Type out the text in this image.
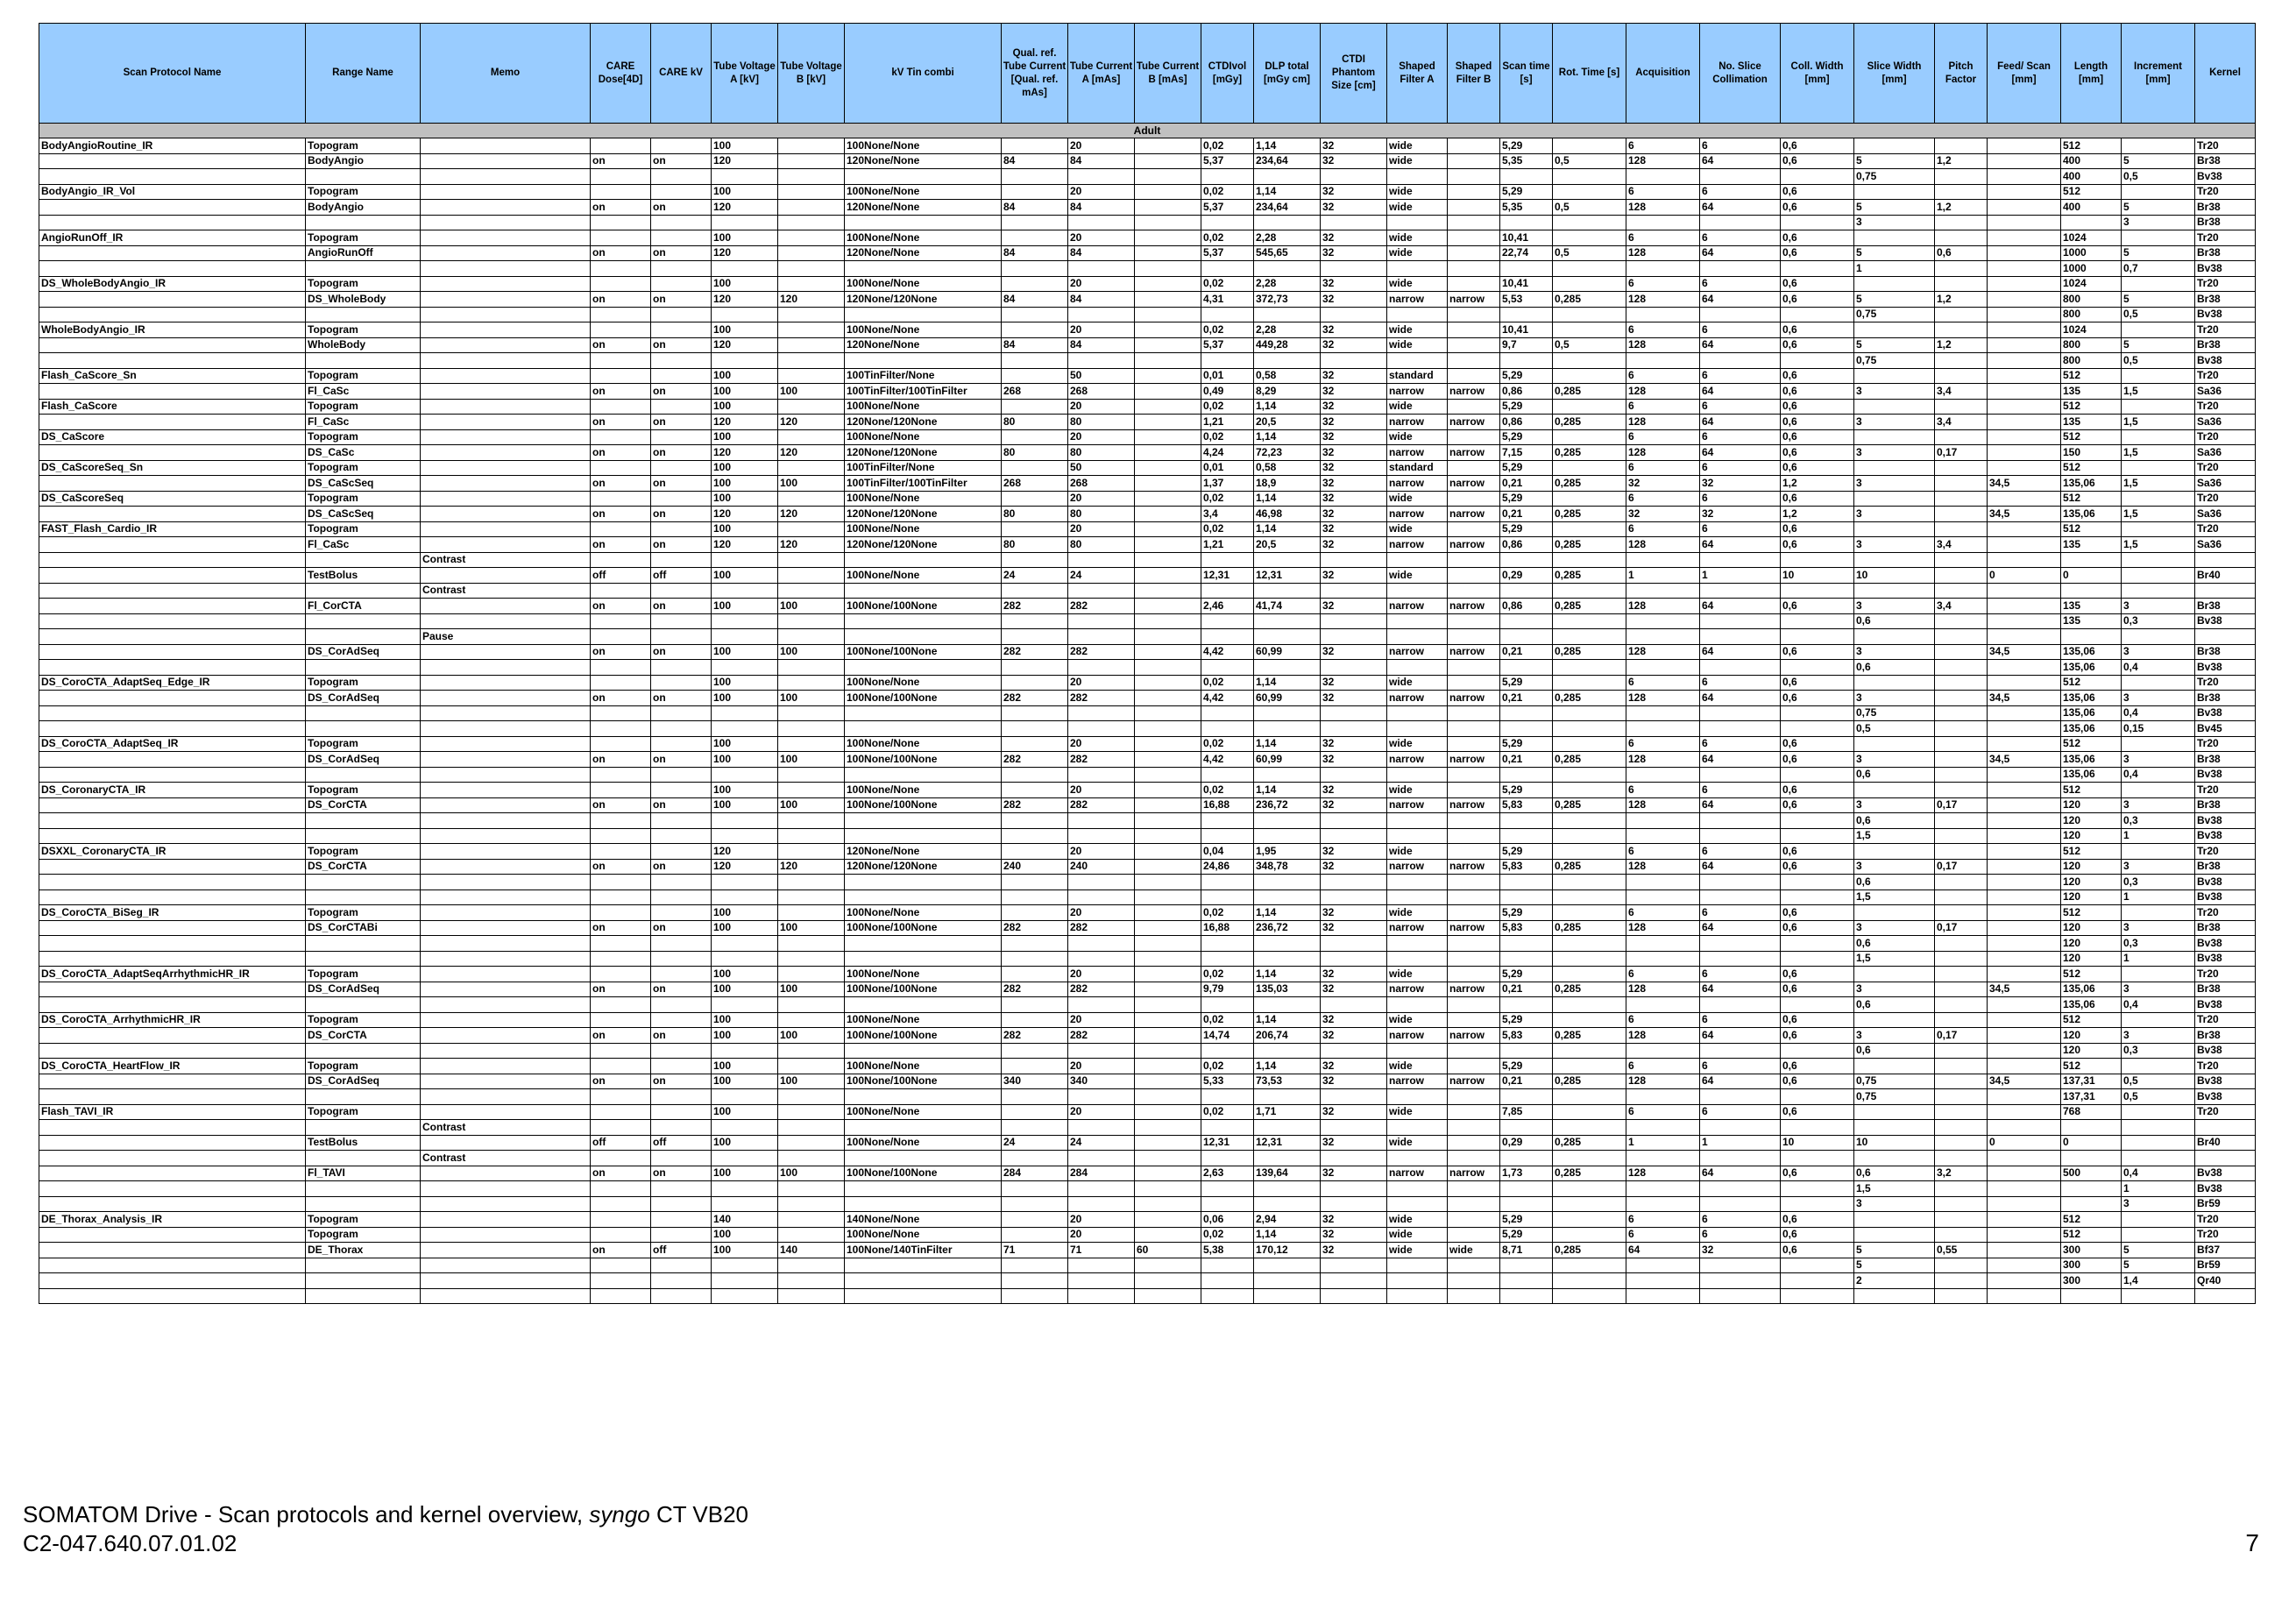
Scan Protocol Name	Range Name	Memo	CARE Dose[4D]	CARE kV	Tube Voltage A [kV]	Tube Voltage B [kV]	kV Tin combi	Qual. ref. Tube Current [Qual. ref. mAs]	Tube Current A [mAs]	Tube Current B [mAs]	CTDIvol [mGy]	DLP total [mGy cm]	CTDI Phantom Size [cm]	Shaped Filter A	Shaped Filter B	Scan time [s]	Rot. Time [s]	Acquisition	No. Slice Collimation	Coll. Width [mm]	Slice Width [mm]	Pitch Factor	Feed/ Scan [mm]	Length [mm]	Increment [mm]	Kernel
Adult																										
BodyAngioRoutine_IR	Topogram				100		100None/None		20		0,02	1,14	32	wide		5,29		6	6	0,6				512		Tr20
	BodyAngio		on	on	120		120None/None	84	84		5,37	234,64	32	wide		5,35	0,5	128	64	0,6	5	1,2		400	5	Br38
																					0,75			400	0,5	Bv38
BodyAngio_IR_Vol	Topogram				100		100None/None		20		0,02	1,14	32	wide		5,29		6	6	0,6				512		Tr20
	BodyAngio		on	on	120		120None/None	84	84		5,37	234,64	32	wide		5,35	0,5	128	64	0,6	5	1,2		400	5	Br38
																					3				3	Br38
AngioRunOff_IR	Topogram				100		100None/None		20		0,02	2,28	32	wide		10,41		6	6	0,6				1024		Tr20
	AngioRunOff		on	on	120		120None/None	84	84		5,37	545,65	32	wide		22,74	0,5	128	64	0,6	5	0,6		1000	5	Br38
																					1			1000	0,7	Bv38
DS_WholeBodyAngio_IR	Topogram				100		100None/None		20		0,02	2,28	32	wide		10,41		6	6	0,6				1024		Tr20
	DS_WholeBody		on	on	120	120	120None/120None	84	84		4,31	372,73	32	narrow	narrow	5,53	0,285	128	64	0,6	5	1,2		800	5	Br38
																					0,75			800	0,5	Bv38
WholeBodyAngio_IR	Topogram				100		100None/None		20		0,02	2,28	32	wide		10,41		6	6	0,6				1024		Tr20
	WholeBody		on	on	120		120None/None	84	84		5,37	449,28	32	wide		9,7	0,5	128	64	0,6	5	1,2		800	5	Br38
																					0,75			800	0,5	Bv38
Flash_CaScore_Sn	Topogram				100		100TinFilter/None		50		0,01	0,58	32	standard		5,29		6	6	0,6				512		Tr20
	Fl_CaSc		on	on	100	100	100TinFilter/100TinFilter	268	268		0,49	8,29	32	narrow	narrow	0,86	0,285	128	64	0,6	3	3,4		135	1,5	Sa36
Flash_CaScore	Topogram				100		100None/None		20		0,02	1,14	32	wide		5,29		6	6	0,6				512		Tr20
	Fl_CaSc		on	on	120	120	120None/120None	80	80		1,21	20,5	32	narrow	narrow	0,86	0,285	128	64	0,6	3	3,4		135	1,5	Sa36
DS_CaScore	Topogram				100		100None/None		20		0,02	1,14	32	wide		5,29		6	6	0,6				512		Tr20
	DS_CaSc		on	on	120	120	120None/120None	80	80		4,24	72,23	32	narrow	narrow	7,15	0,285	128	64	0,6	3	0,17		150	1,5	Sa36
DS_CaScoreSeq_Sn	Topogram				100		100TinFilter/None		50		0,01	0,58	32	standard		5,29		6	6	0,6				512		Tr20
	DS_CaScSeq		on	on	100	100	100TinFilter/100TinFilter	268	268		1,37	18,9	32	narrow	narrow	0,21	0,285	32	32	1,2	3		34,5	135,06	1,5	Sa36
DS_CaScoreSeq	Topogram				100		100None/None		20		0,02	1,14	32	wide		5,29		6	6	0,6				512		Tr20
	DS_CaScSeq		on	on	120	120	120None/120None	80	80		3,4	46,98	32	narrow	narrow	0,21	0,285	32	32	1,2	3		34,5	135,06	1,5	Sa36
FAST_Flash_Cardio_IR	Topogram				100		100None/None		20		0,02	1,14	32	wide		5,29		6	6	0,6				512		Tr20
	Fl_CaSc		on	on	120	120	120None/120None	80	80		1,21	20,5	32	narrow	narrow	0,86	0,285	128	64	0,6	3	3,4		135	1,5	Sa36
		Contrast																								
	TestBolus		off	off	100		100None/None	24	24		12,31	12,31	32	wide		0,29	0,285	1	1	10	10		0	0		Br40
		Contrast																								
	Fl_CorCTA		on	on	100	100	100None/100None	282	282		2,46	41,74	32	narrow	narrow	0,86	0,285	128	64	0,6	3	3,4		135	3	Br38
																					0,6			135	0,3	Bv38
		Pause																								
	DS_CorAdSeq		on	on	100	100	100None/100None	282	282		4,42	60,99	32	narrow	narrow	0,21	0,285	128	64	0,6	3		34,5	135,06	3	Br38
																					0,6			135,06	0,4	Bv38
DS_CoroCTA_AdaptSeq_Edge_IR	Topogram				100		100None/None		20		0,02	1,14	32	wide		5,29		6	6	0,6				512		Tr20
	DS_CorAdSeq		on	on	100	100	100None/100None	282	282		4,42	60,99	32	narrow	narrow	0,21	0,285	128	64	0,6	3		34,5	135,06	3	Br38
																					0,75			135,06	0,4	Bv38
																					0,5			135,06	0,15	Bv45
DS_CoroCTA_AdaptSeq_IR	Topogram				100		100None/None		20		0,02	1,14	32	wide		5,29		6	6	0,6				512		Tr20
	DS_CorAdSeq		on	on	100	100	100None/100None	282	282		4,42	60,99	32	narrow	narrow	0,21	0,285	128	64	0,6	3		34,5	135,06	3	Br38
																					0,6			135,06	0,4	Bv38
DS_CoronaryCTA_IR	Topogram				100		100None/None		20		0,02	1,14	32	wide		5,29		6	6	0,6				512		Tr20
	DS_CorCTA		on	on	100	100	100None/100None	282	282		16,88	236,72	32	narrow	narrow	5,83	0,285	128	64	0,6	3	0,17		120	3	Br38
																					0,6			120	0,3	Bv38
																					1,5			120	1	Bv38
DSXXL_CoronaryCTA_IR	Topogram				120		120None/None		20		0,04	1,95	32	wide		5,29		6	6	0,6				512		Tr20
	DS_CorCTA		on	on	120	120	120None/120None	240	240		24,86	348,78	32	narrow	narrow	5,83	0,285	128	64	0,6	3	0,17		120	3	Br38
																					0,6			120	0,3	Bv38
																					1,5			120	1	Bv38
DS_CoroCTA_BiSeg_IR	Topogram				100		100None/None		20		0,02	1,14	32	wide		5,29		6	6	0,6				512		Tr20
	DS_CorCTABi		on	on	100	100	100None/100None	282	282		16,88	236,72	32	narrow	narrow	5,83	0,285	128	64	0,6	3	0,17		120	3	Br38
																					0,6			120	0,3	Bv38
																					1,5			120	1	Bv38
DS_CoroCTA_AdaptSeqArrhythmicHR_IR	Topogram				100		100None/None		20		0,02	1,14	32	wide		5,29		6	6	0,6				512		Tr20
	DS_CorAdSeq		on	on	100	100	100None/100None	282	282		9,79	135,03	32	narrow	narrow	0,21	0,285	128	64	0,6	3		34,5	135,06	3	Br38
																					0,6			135,06	0,4	Bv38
DS_CoroCTA_ArrhythmicHR_IR	Topogram				100		100None/None		20		0,02	1,14	32	wide		5,29		6	6	0,6				512		Tr20
	DS_CorCTA		on	on	100	100	100None/100None	282	282		14,74	206,74	32	narrow	narrow	5,83	0,285	128	64	0,6	3	0,17		120	3	Br38
																					0,6			120	0,3	Bv38
DS_CoroCTA_HeartFlow_IR	Topogram				100		100None/None		20		0,02	1,14	32	wide		5,29		6	6	0,6				512		Tr20
	DS_CorAdSeq		on	on	100	100	100None/100None	340	340		5,33	73,53	32	narrow	narrow	0,21	0,285	128	64	0,6	0,75		34,5	137,31	0,5	Bv38
																					0,75			137,31	0,5	Bv38
Flash_TAVI_IR	Topogram				100		100None/None		20		0,02	1,71	32	wide		7,85		6	6	0,6				768		Tr20
		Contrast																								
	TestBolus		off	off	100		100None/None	24	24		12,31	12,31	32	wide		0,29	0,285	1	1	10	10		0	0		Br40
		Contrast																								
	Fl_TAVI		on	on	100	100	100None/100None	284	284		2,63	139,64	32	narrow	narrow	1,73	0,285	128	64	0,6	0,6	3,2		500	0,4	Bv38
																					1,5				1	Bv38
																					3				3	Br59
DE_Thorax_Analysis_IR	Topogram				140		140None/None		20		0,06	2,94	32	wide		5,29		6	6	0,6				512		Tr20
	Topogram				100		100None/None		20		0,02	1,14	32	wide		5,29		6	6	0,6				512		Tr20
	DE_Thorax		on	off	100	140	100None/140TinFilter	71	71	60	5,38	170,12	32	wide	wide	8,71	0,285	64	32	0,6	5	0,55		300	5	Bf37
																					5			300	5	Br59
																					2			300	1,4	Qr40

SOMATOM Drive - Scan protocols and kernel overview, syngo CT VB20
C2-047.640.07.01.02	7
